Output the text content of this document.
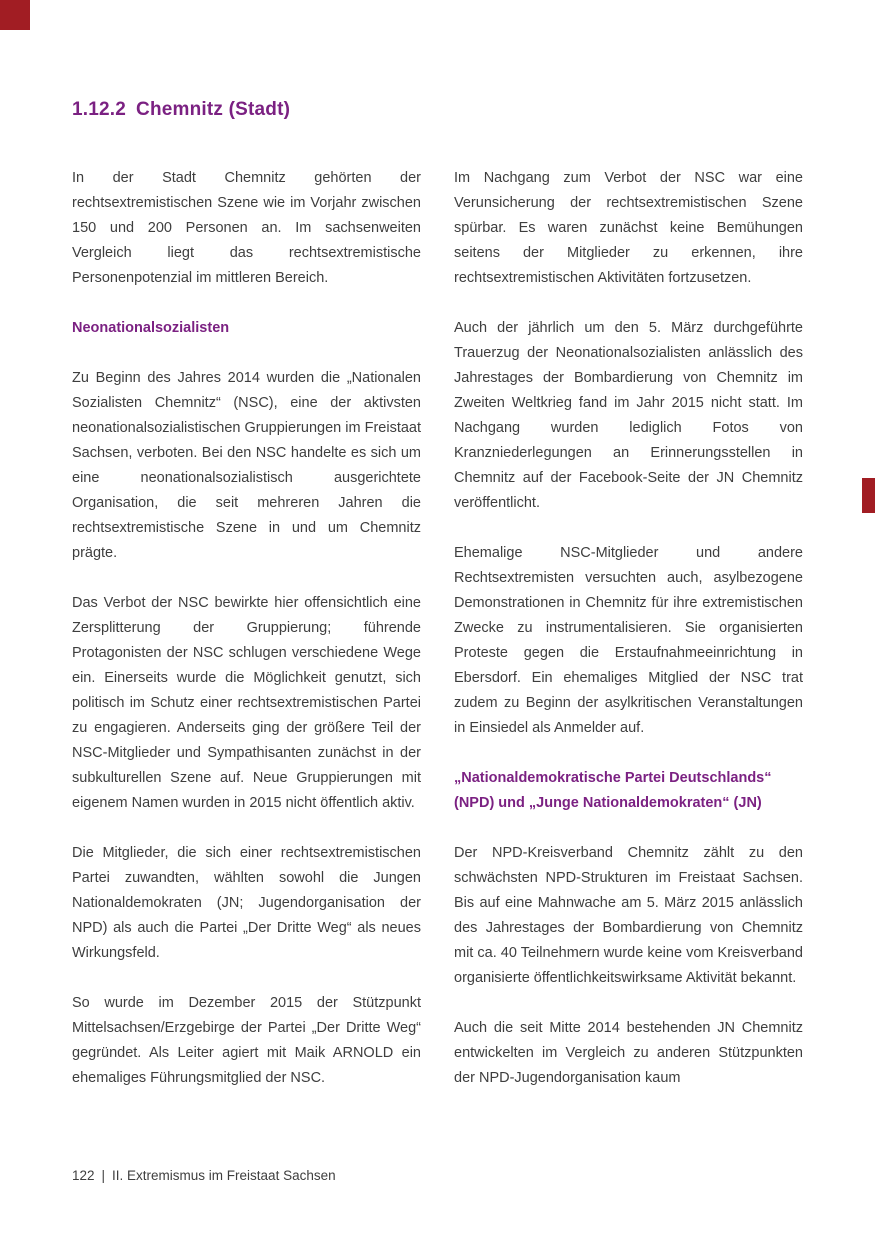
1.12.2 Chemnitz (Stadt)

In der Stadt Chemnitz gehörten der rechtsextremistischen Szene wie im Vorjahr zwischen 150 und 200 Personen an. Im sachsenweiten Vergleich liegt das rechtsextremistische Personenpotenzial im mittleren Bereich.

Neonationalsozialisten

Zu Beginn des Jahres 2014 wurden die „Nationalen Sozialisten Chemnitz“ (NSC), eine der aktivsten neonationalsozialistischen Gruppierungen im Freistaat Sachsen, verboten. Bei den NSC handelte es sich um eine neonationalsozialistisch ausgerichtete Organisation, die seit mehreren Jahren die rechtsextremistische Szene in und um Chemnitz prägte.

Das Verbot der NSC bewirkte hier offensichtlich eine Zersplitterung der Gruppierung; führende Protagonisten der NSC schlugen verschiedene Wege ein. Einerseits wurde die Möglichkeit genutzt, sich politisch im Schutz einer rechtsextremistischen Partei zu engagieren. Anderseits ging der größere Teil der NSC-Mitglieder und Sympathisanten zunächst in der subkulturellen Szene auf. Neue Gruppierungen mit eigenem Namen wurden in 2015 nicht öffentlich aktiv.

Die Mitglieder, die sich einer rechtsextremistischen Partei zuwandten, wählten sowohl die Jungen Nationaldemokraten (JN; Jugendorganisation der NPD) als auch die Partei „Der Dritte Weg“ als neues Wirkungsfeld.

So wurde im Dezember 2015 der Stützpunkt Mittelsachsen/Erzgebirge der Partei „Der Dritte Weg“ gegründet. Als Leiter agiert mit Maik ARNOLD ein ehemaliges Führungsmitglied der NSC.

Im Nachgang zum Verbot der NSC war eine Verunsicherung der rechtsextremistischen Szene spürbar. Es waren zunächst keine Bemühungen seitens der Mitglieder zu erkennen, ihre rechtsextremistischen Aktivitäten fortzusetzen.

Auch der jährlich um den 5. März durchgeführte Trauerzug der Neonationalsozialisten anlässlich des Jahrestages der Bombardierung von Chemnitz im Zweiten Weltkrieg fand im Jahr 2015 nicht statt. Im Nachgang wurden lediglich Fotos von Kranzniederlegungen an Erinnerungsstellen in Chemnitz auf der Facebook-Seite der JN Chemnitz veröffentlicht.

Ehemalige NSC-Mitglieder und andere Rechtsextremisten versuchten auch, asylbezogene Demonstrationen in Chemnitz für ihre extremistischen Zwecke zu instrumentalisieren. Sie organisierten Proteste gegen die Erstaufnahmeeinrichtung in Ebersdorf. Ein ehemaliges Mitglied der NSC trat zudem zu Beginn der asylkritischen Veranstaltungen in Einsiedel als Anmelder auf.

„Nationaldemokratische Partei Deutschlands“ (NPD) und „Junge Nationaldemokraten“ (JN)

Der NPD-Kreisverband Chemnitz zählt zu den schwächsten NPD-Strukturen im Freistaat Sachsen. Bis auf eine Mahnwache am 5. März 2015 anlässlich des Jahrestages der Bombardierung von Chemnitz mit ca. 40 Teilnehmern wurde keine vom Kreisverband organisierte öffentlichkeitswirksame Aktivität bekannt.

Auch die seit Mitte 2014 bestehenden JN Chemnitz entwickelten im Vergleich zu anderen Stützpunkten der NPD-Jugendorganisation kaum

122 | II. Extremismus im Freistaat Sachsen
